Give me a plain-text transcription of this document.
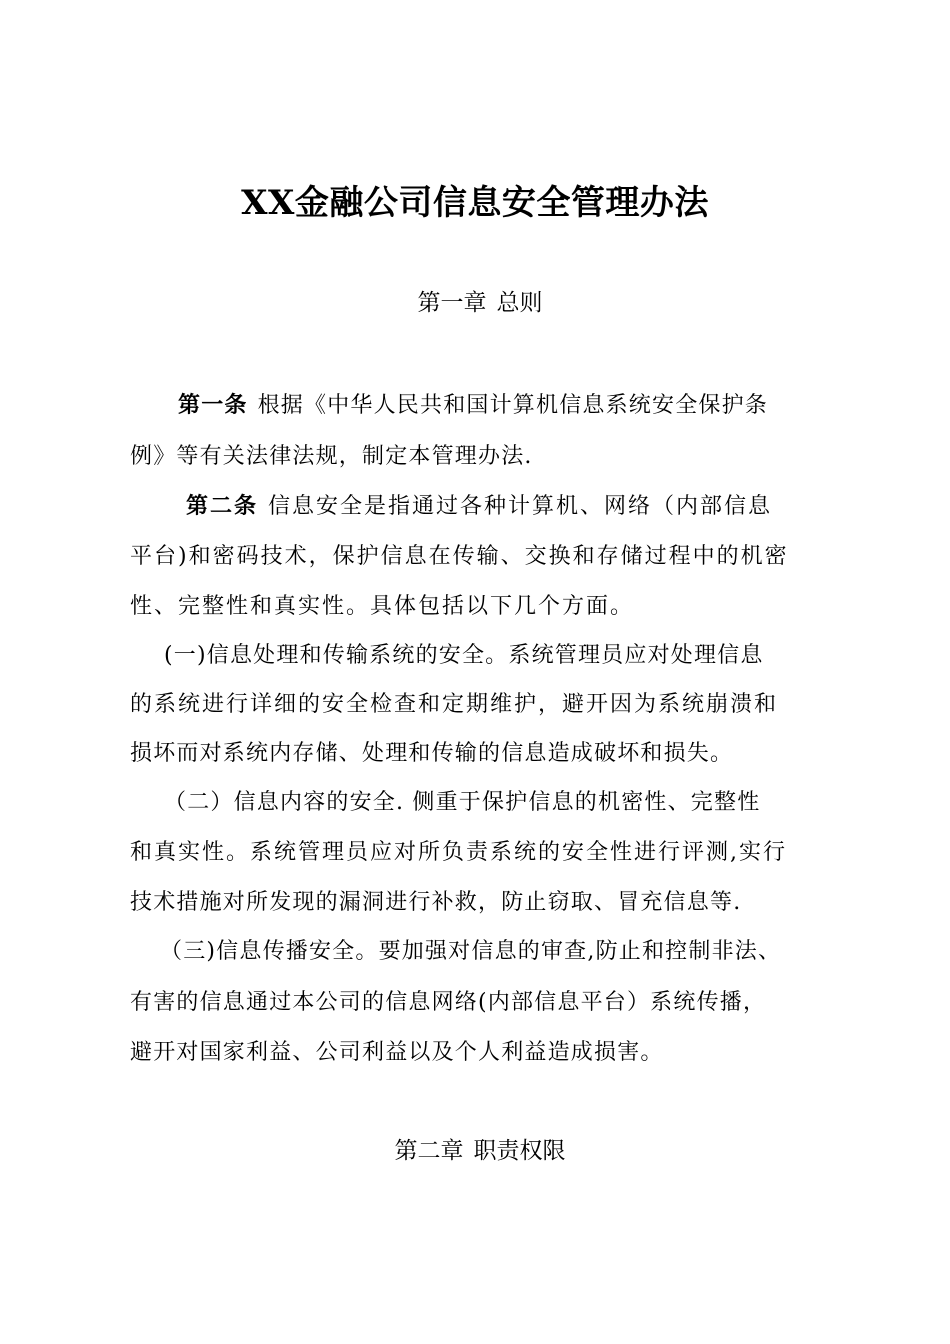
XX金融公司信息安全管理办法
第一章 总则
第一条 根据《中华人民共和国计算机信息系统安全保护条
例》等有关法律法规，制定本管理办法.
第二条 信息安全是指通过各种计算机、网络（内部信息
平台)和密码技术，保护信息在传输、交换和存储过程中的机密
性、完整性和真实性。具体包括以下几个方面。
(一)信息处理和传输系统的安全。系统管理员应对处理信息
的系统进行详细的安全检查和定期维护，避开因为系统崩溃和
损坏而对系统内存储、处理和传输的信息造成破坏和损失。
（二）信息内容的安全. 侧重于保护信息的机密性、完整性
和真实性。系统管理员应对所负责系统的安全性进行评测,实行
技术措施对所发现的漏洞进行补救，防止窃取、冒充信息等.
（三)信息传播安全。要加强对信息的审查,防止和控制非法、
有害的信息通过本公司的信息网络(内部信息平台）系统传播，
避开对国家利益、公司利益以及个人利益造成损害。
第二章 职责权限
